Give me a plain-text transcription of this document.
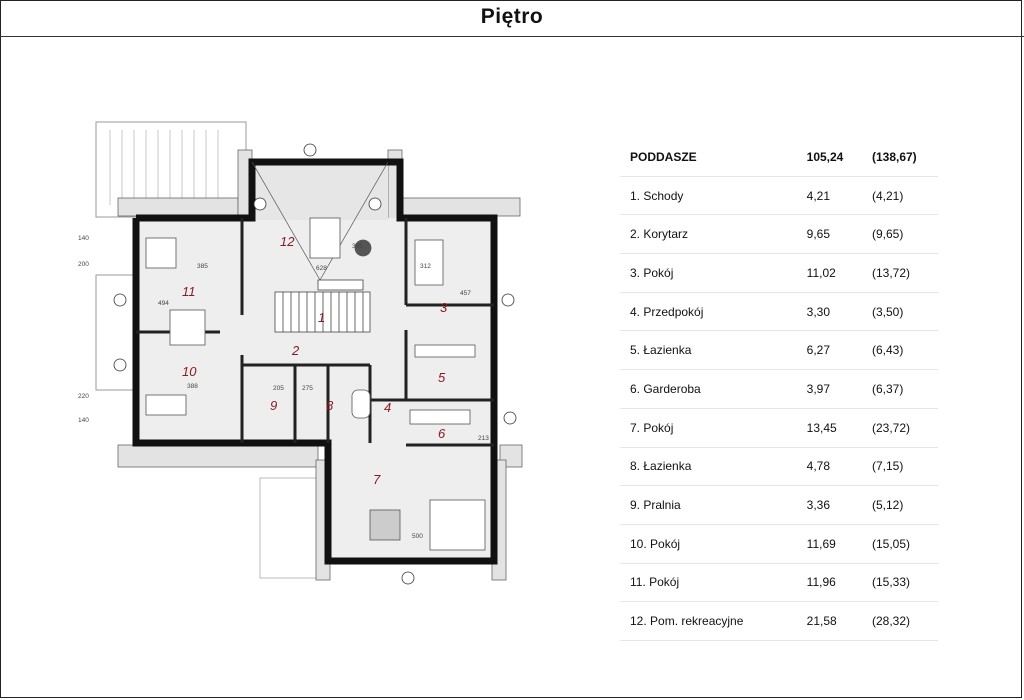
Piętro
1
2
3
4
5
6
7
8
9
10
11
12
385	628	312
388	205	275
500
140
200
220
140
494
395
457
213
PODDASZE	105,24	(138,67)
1. Schody	4,21	(4,21)
2. Korytarz	9,65	(9,65)
3. Pokój	11,02	(13,72)
4. Przedpokój	3,30	(3,50)
5. Łazienka	6,27	(6,43)
6. Garderoba	3,97	(6,37)
7. Pokój	13,45	(23,72)
8. Łazienka	4,78	(7,15)
9. Pralnia	3,36	(5,12)
10. Pokój	11,69	(15,05)
11. Pokój	11,96	(15,33)
12. Pom. rekreacyjne	21,58	(28,32)
